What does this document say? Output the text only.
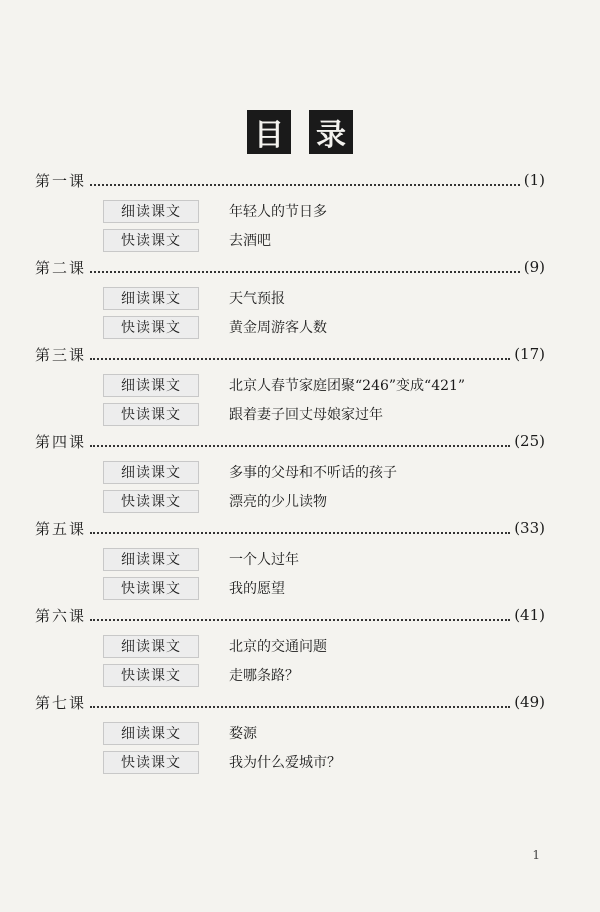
目 录
第一课	(1)
细读课文	年轻人的节日多
快读课文	去酒吧
第二课	(9)
细读课文	天气预报
快读课文	黄金周游客人数
第三课	(17)
细读课文	北京人春节家庭团聚“246”变成“421”
快读课文	跟着妻子回丈母娘家过年
第四课	(25)
细读课文	多事的父母和不听话的孩子
快读课文	漂亮的少儿读物
第五课	(33)
细读课文	一个人过年
快读课文	我的愿望
第六课	(41)
细读课文	北京的交通问题
快读课文	走哪条路？
第七课	(49)
细读课文	婺源
快读课文	我为什么爱城市？
1
